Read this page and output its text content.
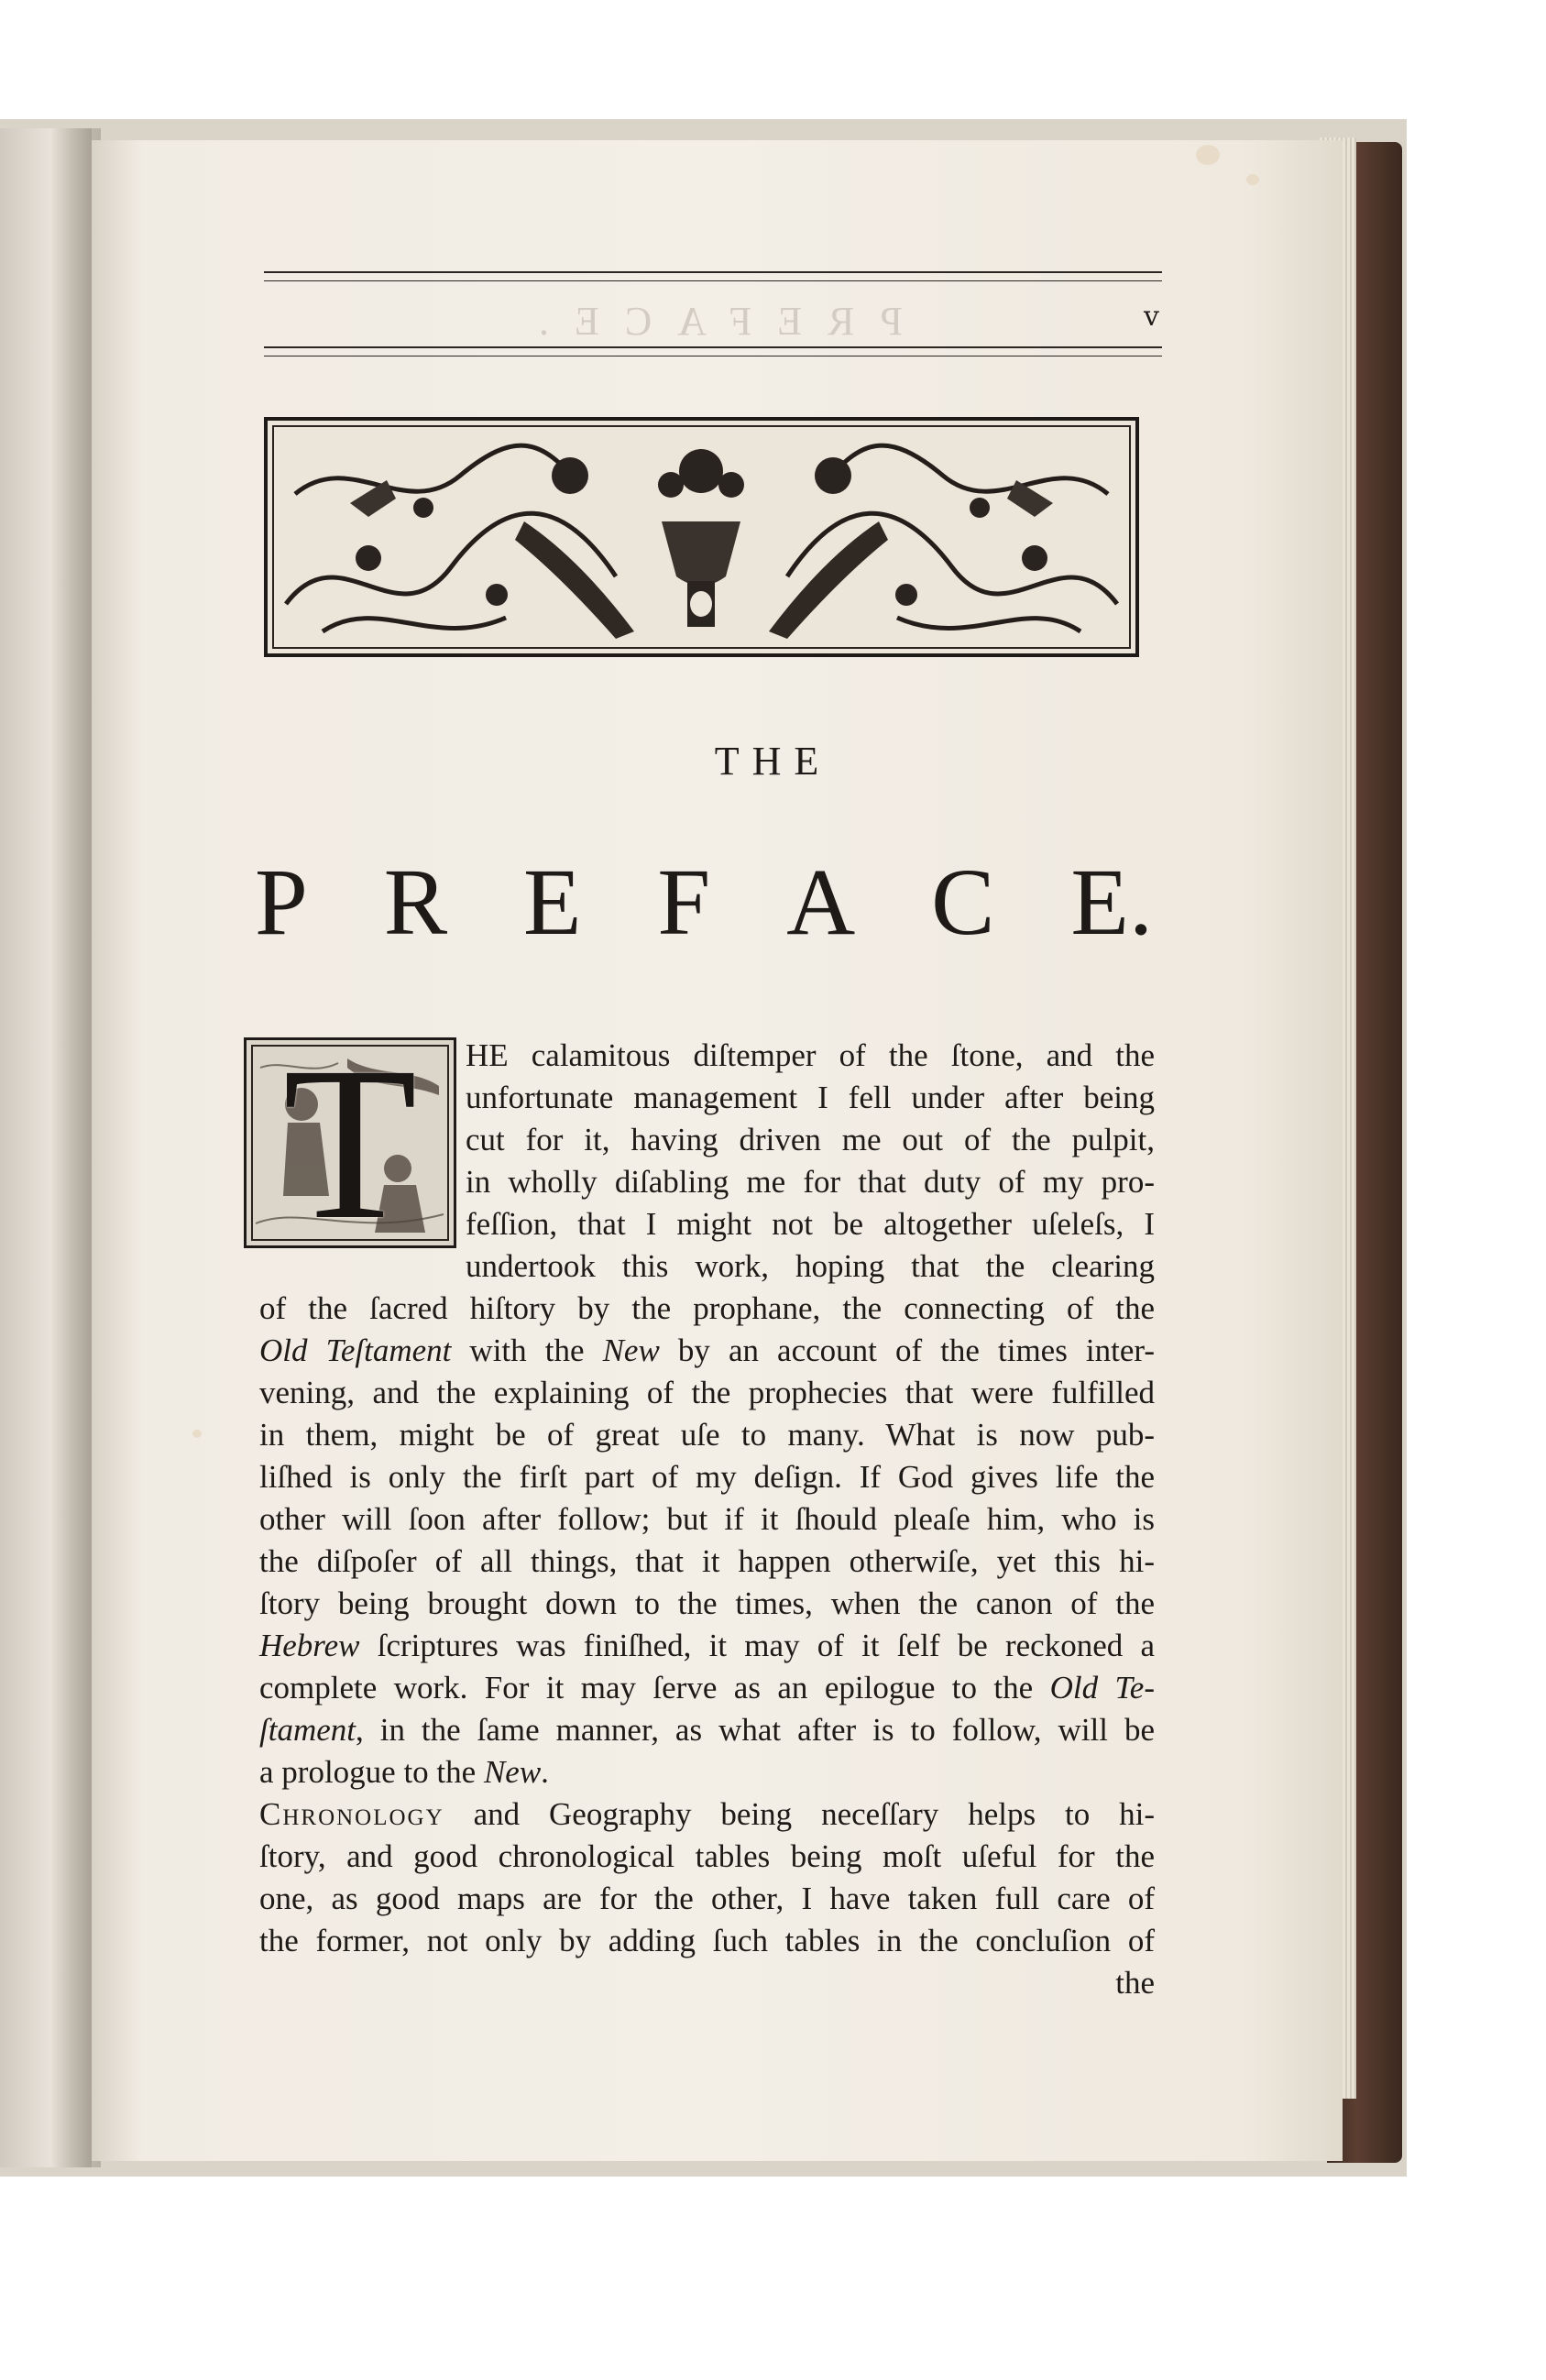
PREFACE.	v
THE
P R E F A C E.
T	HE calamitous diſtemper of the ſtone, and the
unfortunate management I fell under after being
cut for it, having driven me out of the pulpit,
in wholly diſabling me for that duty of my pro-
feſſion, that I might not be altogether uſeleſs, I
undertook this work, hoping that the clearing
of the ſacred hiſtory by the prophane, the connecting of the
Old Teſtament with the New by an account of the times inter-
vening, and the explaining of the prophecies that were fulfilled
in them, might be of great uſe to many. What is now pub-
liſhed is only the firſt part of my deſign. If God gives life the
other will ſoon after follow; but if it ſhould pleaſe him, who is
the diſpoſer of all things, that it happen otherwiſe, yet this hi-
ſtory being brought down to the times, when the canon of the
Hebrew ſcriptures was finiſhed, it may of it ſelf be reckoned a
complete work. For it may ſerve as an epilogue to the Old Te-
ſtament, in the ſame manner, as what after is to follow, will be
a prologue to the New.
Chronology and Geography being neceſſary helps to hi-
ſtory, and good chronological tables being moſt uſeful for the
one, as good maps are for the other, I have taken full care of
the former, not only by adding ſuch tables in the concluſion of
the
